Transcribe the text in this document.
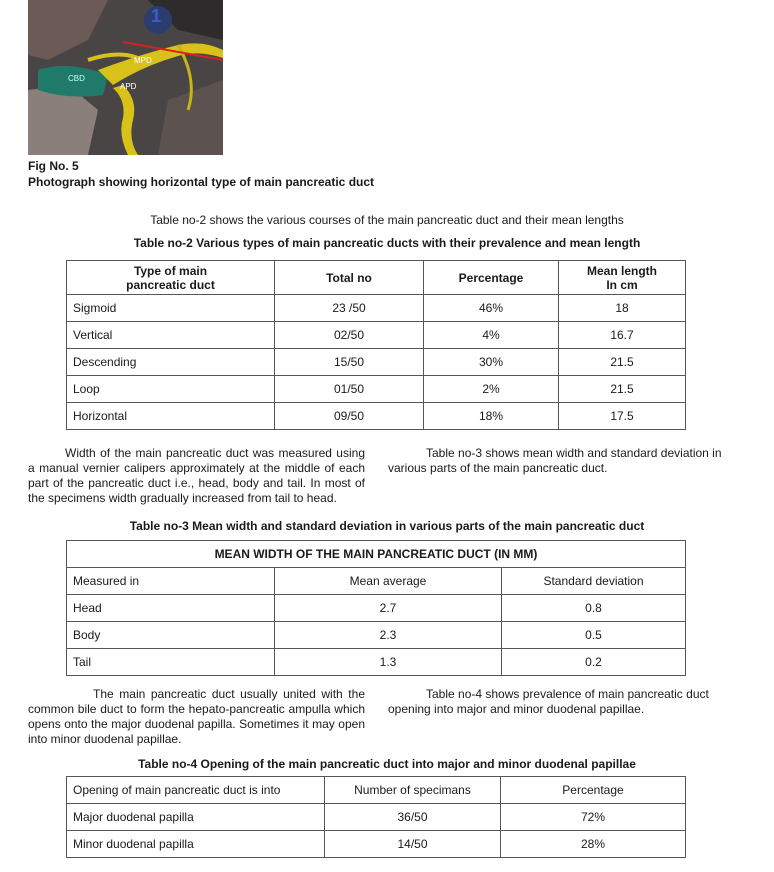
1
MPD
CBD
APD
Fig No. 5
Photograph showing horizontal type of main pancreatic duct
Table no-2 shows the various courses of the main pancreatic duct and their mean lengths
Table no-2 Various types of main pancreatic ducts with their prevalence and mean length
Type of main pancreatic duct	Total no	Percentage	Mean length In cm
Sigmoid	23 /50	46%	18
Vertical	02/50	4%	16.7
Descending	15/50	30%	21.5
Loop	01/50	2%	21.5
Horizontal	09/50	18%	17.5
Width of the main pancreatic duct was measured using a manual vernier calipers approximately at the middle of each part of the pancreatic duct i.e., head, body and tail. In most of the specimens width gradually increased from tail to head.
Table no-3 shows mean width and standard deviation in various parts of the main pancreatic duct.
Table no-3 Mean width and standard deviation in various parts of the main pancreatic duct
MEAN WIDTH OF THE MAIN PANCREATIC DUCT (IN MM)		
Measured in	Mean average	Standard deviation
Head	2.7	0.8
Body	2.3	0.5
Tail	1.3	0.2
The main pancreatic duct usually united with the common bile duct to form the hepato-pancreatic ampulla which opens onto the major duodenal papilla. Sometimes it may open into minor duodenal papillae.
Table no-4 shows prevalence of main pancreatic duct opening into major and minor duodenal papillae.
Table no-4 Opening of the main pancreatic duct into major and minor duodenal papillae
Opening of main pancreatic duct is into	Number of specimans	Percentage
Major duodenal papilla	36/50	72%
Minor duodenal papilla	14/50	28%
